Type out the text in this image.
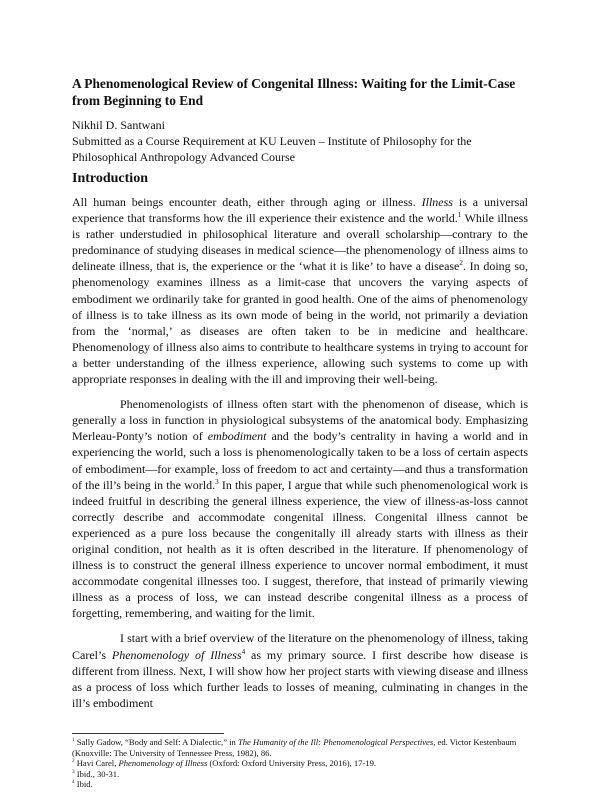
A Phenomenological Review of Congenital Illness: Waiting for the Limit-Case from Beginning to End
Nikhil D. Santwani
Submitted as a Course Requirement at KU Leuven – Institute of Philosophy for the Philosophical Anthropology Advanced Course
Introduction

All human beings encounter death, either through aging or illness. Illness is a universal experience that transforms how the ill experience their existence and the world.$^1$ While illness is rather understudied in philosophical literature and overall scholarship—contrary to the predominance of studying diseases in medical science—the phenomenology of illness aims to delineate illness, that is, the experience or the ‘what it is like’ to have a disease$^2$. In doing so, phenomenology examines illness as a limit-case that uncovers the varying aspects of embodiment we ordinarily take for granted in good health. One of the aims of phenomenology of illness is to take illness as its own mode of being in the world, not primarily a deviation from the ‘normal,’ as diseases are often taken to be in medicine and healthcare. Phenomenology of illness also aims to contribute to healthcare systems in trying to account for a better understanding of the illness experience, allowing such systems to come up with appropriate responses in dealing with the ill and improving their well-being.

Phenomenologists of illness often start with the phenomenon of disease, which is generally a loss in function in physiological subsystems of the anatomical body. Emphasizing Merleau-Ponty’s notion of embodiment and the body’s centrality in having a world and in experiencing the world, such a loss is phenomenologically taken to be a loss of certain aspects of embodiment—for example, loss of freedom to act and certainty—and thus a transformation of the ill’s being in the world.$^3$ In this paper, I argue that while such phenomenological work is indeed fruitful in describing the general illness experience, the view of illness-as-loss cannot correctly describe and accommodate congenital illness. Congenital illness cannot be experienced as a pure loss because the congenitally ill already starts with illness as their original condition, not health as it is often described in the literature. If phenomenology of illness is to construct the general illness experience to uncover normal embodiment, it must accommodate congenital illnesses too. I suggest, therefore, that instead of primarily viewing illness as a process of loss, we can instead describe congenital illness as a process of forgetting, remembering, and waiting for the limit.

I start with a brief overview of the literature on the phenomenology of illness, taking Carel’s Phenomenology of Illness$^4$ as my primary source. I first describe how disease is different from illness. Next, I will show how her project starts with viewing disease and illness as a process of loss which further leads to losses of meaning, culminating in changes in the ill’s embodiment

$^1$ Sally Gadow, “Body and Self: A Dialectic,” in The Humanity of the Ill: Phenomenological Perspectives, ed. Victor Kestenbaum (Knoxville: The University of Tennessee Press, 1982), 86.
$^2$ Havi Carel, Phenomenology of Illness (Oxford: Oxford University Press, 2016), 17-19.
$^3$ Ibid., 30-31.
$^4$ Ibid.
